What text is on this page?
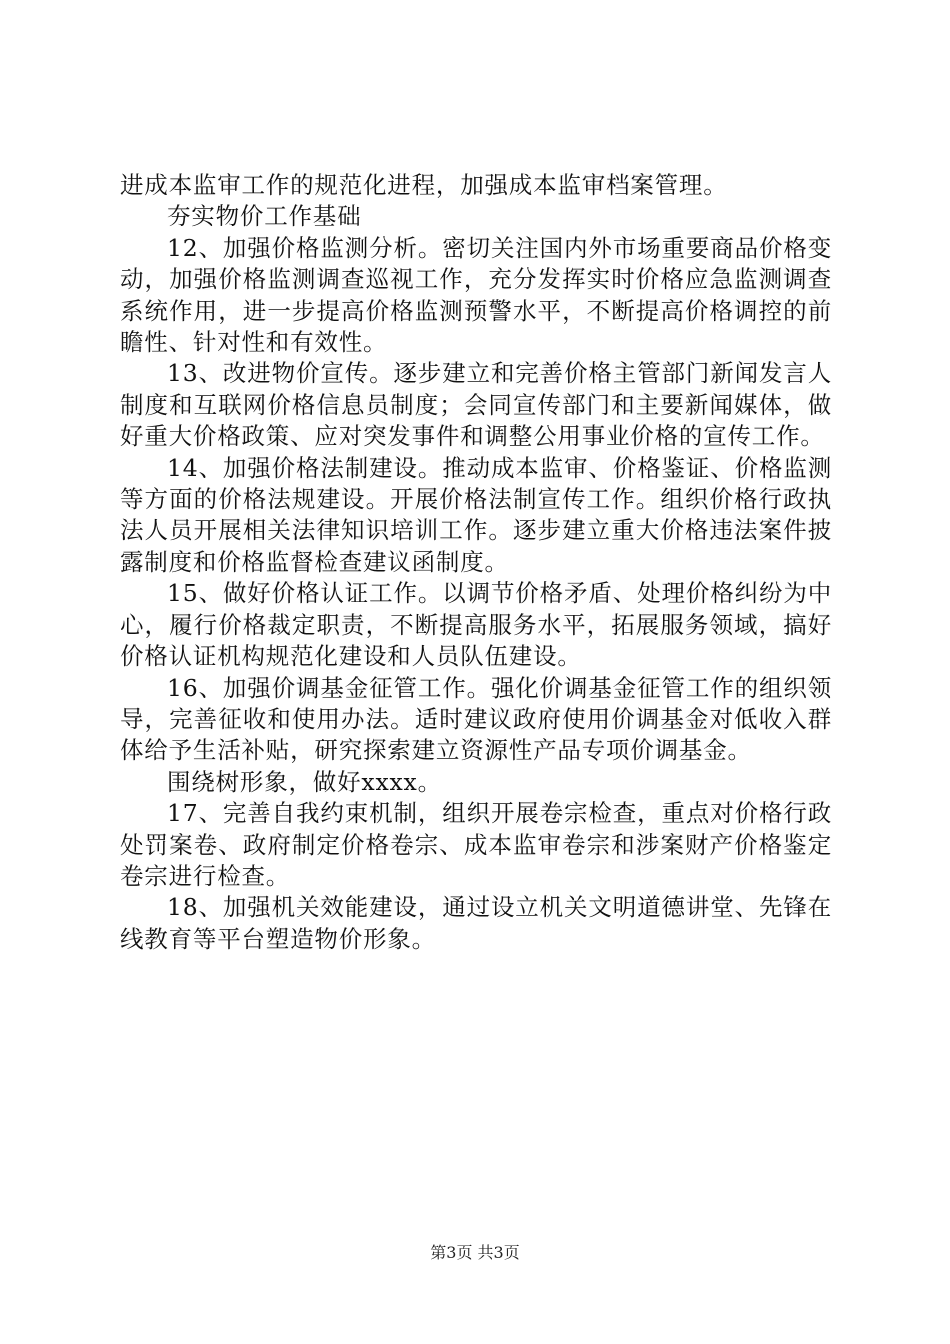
进成本监审工作的规范化进程，加强成本监审档案管理。

夯实物价工作基础

12、加强价格监测分析。密切关注国内外市场重要商品价格变动，加强价格监测调查巡视工作，充分发挥实时价格应急监测调查系统作用，进一步提高价格监测预警水平，不断提高价格调控的前瞻性、针对性和有效性。

13、改进物价宣传。逐步建立和完善价格主管部门新闻发言人制度和互联网价格信息员制度；会同宣传部门和主要新闻媒体，做好重大价格政策、应对突发事件和调整公用事业价格的宣传工作。

14、加强价格法制建设。推动成本监审、价格鉴证、价格监测等方面的价格法规建设。开展价格法制宣传工作。组织价格行政执法人员开展相关法律知识培训工作。逐步建立重大价格违法案件披露制度和价格监督检查建议函制度。

15、做好价格认证工作。以调节价格矛盾、处理价格纠纷为中心，履行价格裁定职责，不断提高服务水平，拓展服务领域，搞好价格认证机构规范化建设和人员队伍建设。

16、加强价调基金征管工作。强化价调基金征管工作的组织领导，完善征收和使用办法。适时建议政府使用价调基金对低收入群体给予生活补贴，研究探索建立资源性产品专项价调基金。

围绕树形象，做好xxxx。

17、完善自我约束机制，组织开展卷宗检查，重点对价格行政处罚案卷、政府制定价格卷宗、成本监审卷宗和涉案财产价格鉴定卷宗进行检查。

18、加强机关效能建设，通过设立机关文明道德讲堂、先锋在线教育等平台塑造物价形象。

第3页 共3页
